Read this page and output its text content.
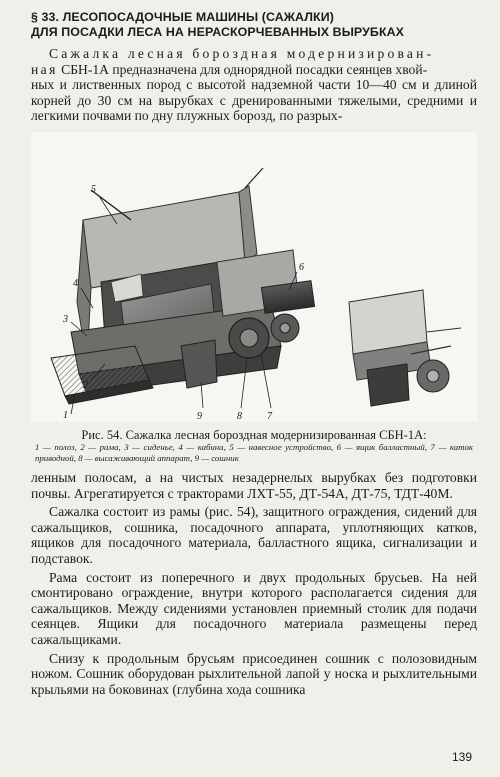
§ 33. ЛЕСОПОСАДОЧНЫЕ МАШИНЫ (САЖАЛКИ)

ДЛЯ ПОСАДКИ ЛЕСА НА НЕРАСКОРЧЕВАННЫХ ВЫРУБКАХ

Сажалка лесная бороздная модернизирован-

ная СБН-1А предназначена для однорядной посадки сеянцев хвой-

ных и лиственных пород с высотой надземной части 10—40 см и длиной корней до 30 см на вырубках с дренированными тяжелыми, средними и легкими почвами по дну плужных борозд, по разрых-

5
4
3
2
1	9	8
6
7
Рис. 54. Сажалка лесная бороздная модернизированная СБН-1А:
1 — полоз, 2 — рама, 3 — сиденье, 4 — кабина, 5 — навесное устройство, 6 — ящик балластный, 7 — каток приводной, 8 — высаживающий аппарат, 9 — сошник

ленным полосам, а на чистых незадернелых вырубках без подготовки почвы. Агрегатируется с тракторами ЛХТ-55, ДТ-54А, ДТ-75, ТДТ-40М.

Сажалка состоит из рамы (рис. 54), защитного ограждения, сидений для сажальщиков, сошника, посадочного аппарата, уплотняющих катков, ящиков для посадочного материала, балластного ящика, сигнализации и подставок.

Рама состоит из поперечного и двух продольных брусьев. На ней смонтировано ограждение, внутри которого располагается сидения для сажальщиков. Между сидениями установлен приемный столик для подачи сеянцев. Ящики для посадочного материала размещены перед сажальщиками.

Снизу к продольным брусьям присоединен сошник с полозовидным ножом. Сошник оборудован рыхлительной лапой у носка и рыхлительными крыльями на боковинах (глубина хода сошника

139
